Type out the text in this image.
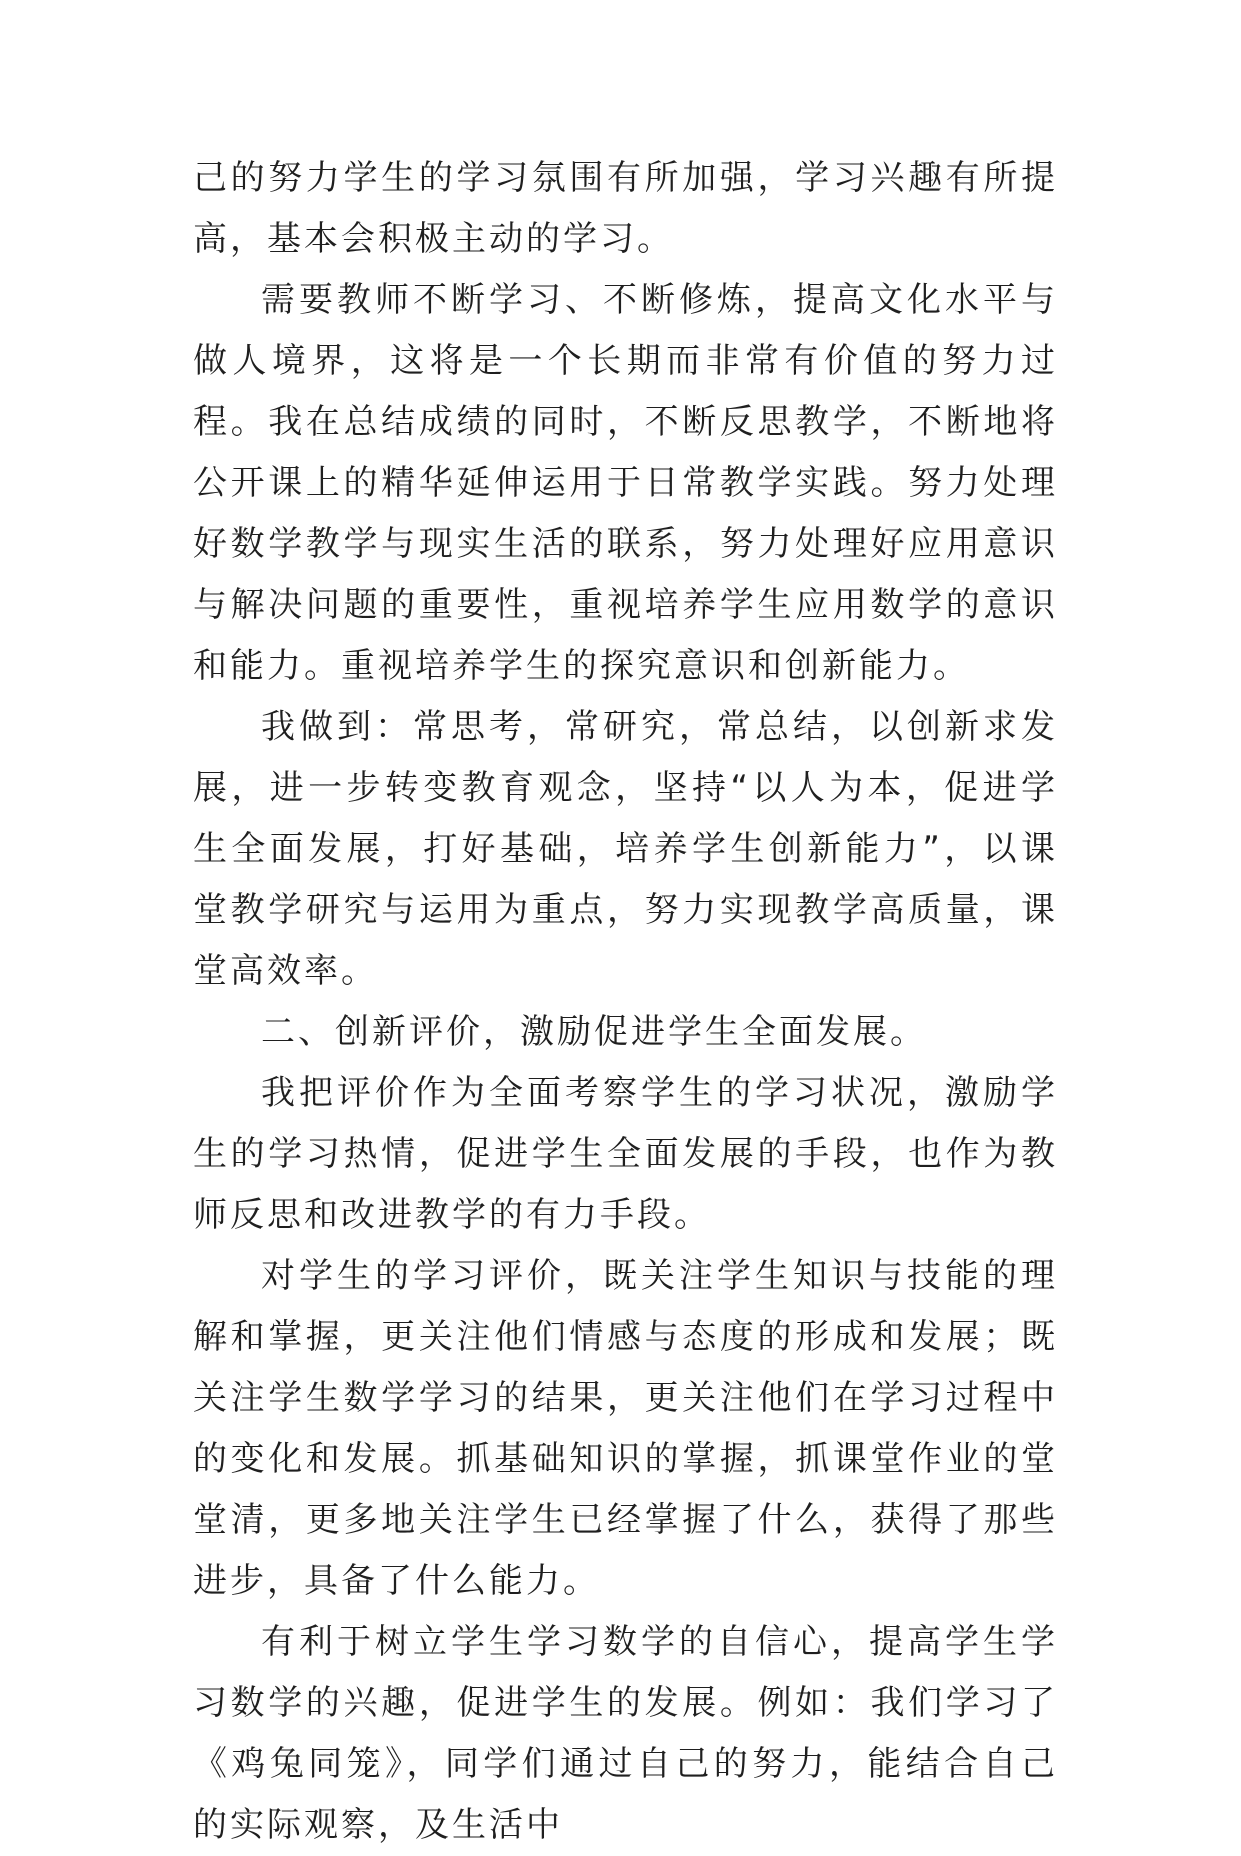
己的努力学生的学习氛围有所加强，学习兴趣有所提高，基本会积极主动的学习。

需要教师不断学习、不断修炼，提高文化水平与做人境界，这将是一个长期而非常有价值的努力过程。我在总结成绩的同时，不断反思教学，不断地将公开课上的精华延伸运用于日常教学实践。努力处理好数学教学与现实生活的联系，努力处理好应用意识与解决问题的重要性，重视培养学生应用数学的意识和能力。重视培养学生的探究意识和创新能力。

我做到：常思考，常研究，常总结，以创新求发展，进一步转变教育观念，坚持“以人为本，促进学生全面发展，打好基础，培养学生创新能力”，以课堂教学研究与运用为重点，努力实现教学高质量，课堂高效率。

二、创新评价，激励促进学生全面发展。

我把评价作为全面考察学生的学习状况，激励学生的学习热情，促进学生全面发展的手段，也作为教师反思和改进教学的有力手段。

对学生的学习评价，既关注学生知识与技能的理解和掌握，更关注他们情感与态度的形成和发展；既关注学生数学学习的结果，更关注他们在学习过程中的变化和发展。抓基础知识的掌握，抓课堂作业的堂堂清，更多地关注学生已经掌握了什么，获得了那些进步，具备了什么能力。

有利于树立学生学习数学的自信心，提高学生学习数学的兴趣，促进学生的发展。例如：我们学习了《鸡兔同笼》，同学们通过自己的努力，能结合自己的实际观察，及生活中
